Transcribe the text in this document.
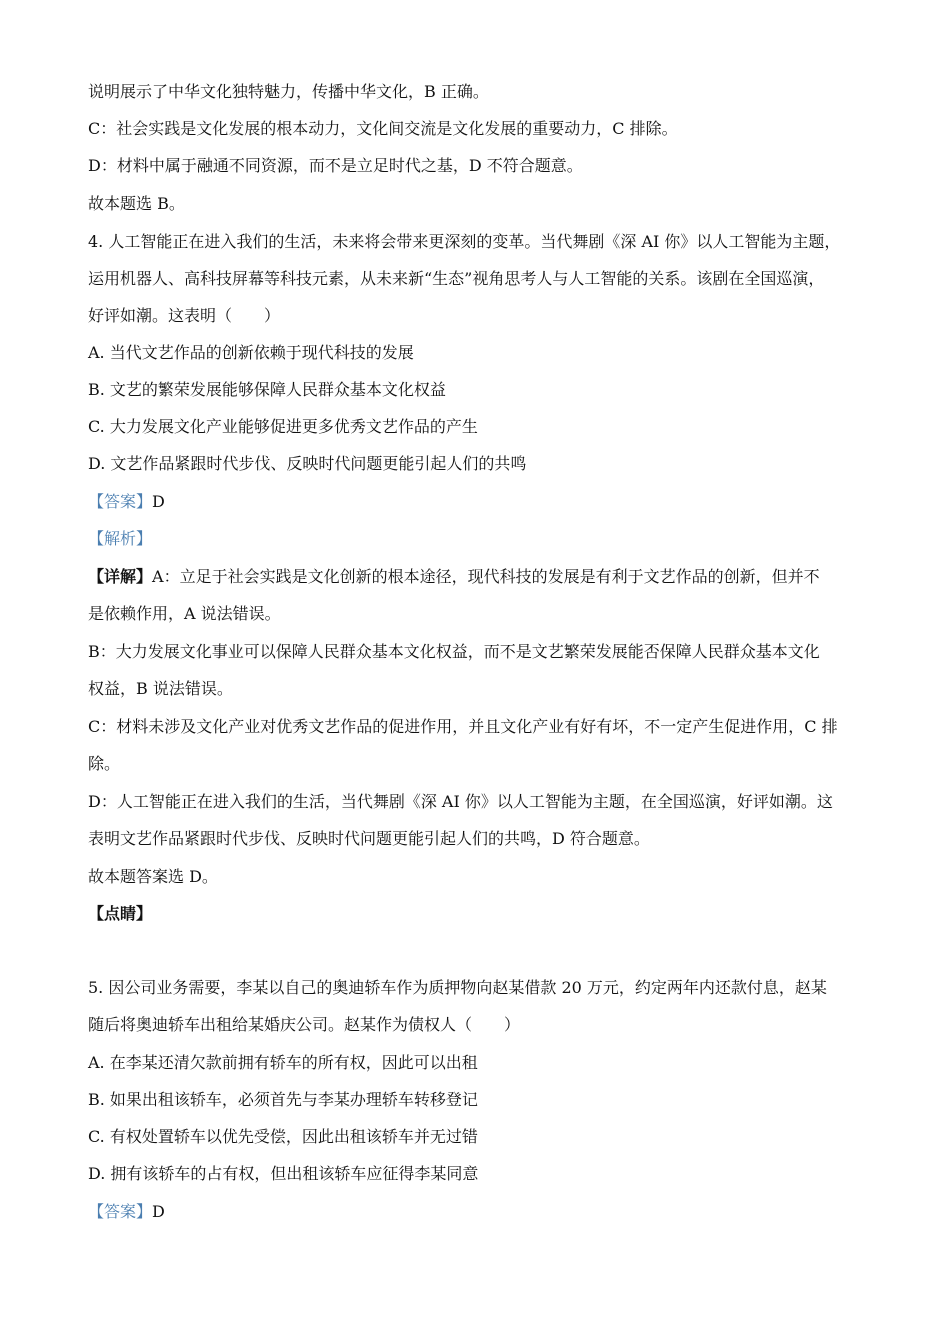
说明展示了中华文化独特魅力，传播中华文化，B 正确。
C：社会实践是文化发展的根本动力，文化间交流是文化发展的重要动力，C 排除。
D：材料中属于融通不同资源，而不是立足时代之基，D 不符合题意。
故本题选 B。
4. 人工智能正在进入我们的生活，未来将会带来更深刻的变革。当代舞剧《深 AI 你》以人工智能为主题，
运用机器人、高科技屏幕等科技元素，从未来新“生态”视角思考人与人工智能的关系。该剧在全国巡演，
好评如潮。这表明（　　）
A. 当代文艺作品的创新依赖于现代科技的发展
B. 文艺的繁荣发展能够保障人民群众基本文化权益
C. 大力发展文化产业能够促进更多优秀文艺作品的产生
D. 文艺作品紧跟时代步伐、反映时代问题更能引起人们的共鸣
【答案】D
【解析】
【详解】A：立足于社会实践是文化创新的根本途径，现代科技的发展是有利于文艺作品的创新，但并不
是依赖作用，A 说法错误。
B：大力发展文化事业可以保障人民群众基本文化权益，而不是文艺繁荣发展能否保障人民群众基本文化
权益，B 说法错误。
C：材料未涉及文化产业对优秀文艺作品的促进作用，并且文化产业有好有坏，不一定产生促进作用，C 排
除。
D：人工智能正在进入我们的生活，当代舞剧《深 AI 你》以人工智能为主题，在全国巡演，好评如潮。这
表明文艺作品紧跟时代步伐、反映时代问题更能引起人们的共鸣，D 符合题意。
故本题答案选 D。
【点睛】
5. 因公司业务需要，李某以自己的奥迪轿车作为质押物向赵某借款 20 万元，约定两年内还款付息，赵某
随后将奥迪轿车出租给某婚庆公司。赵某作为债权人（　　）
A. 在李某还清欠款前拥有轿车的所有权，因此可以出租
B. 如果出租该轿车，必须首先与李某办理轿车转移登记
C. 有权处置轿车以优先受偿，因此出租该轿车并无过错
D. 拥有该轿车的占有权，但出租该轿车应征得李某同意
【答案】D
